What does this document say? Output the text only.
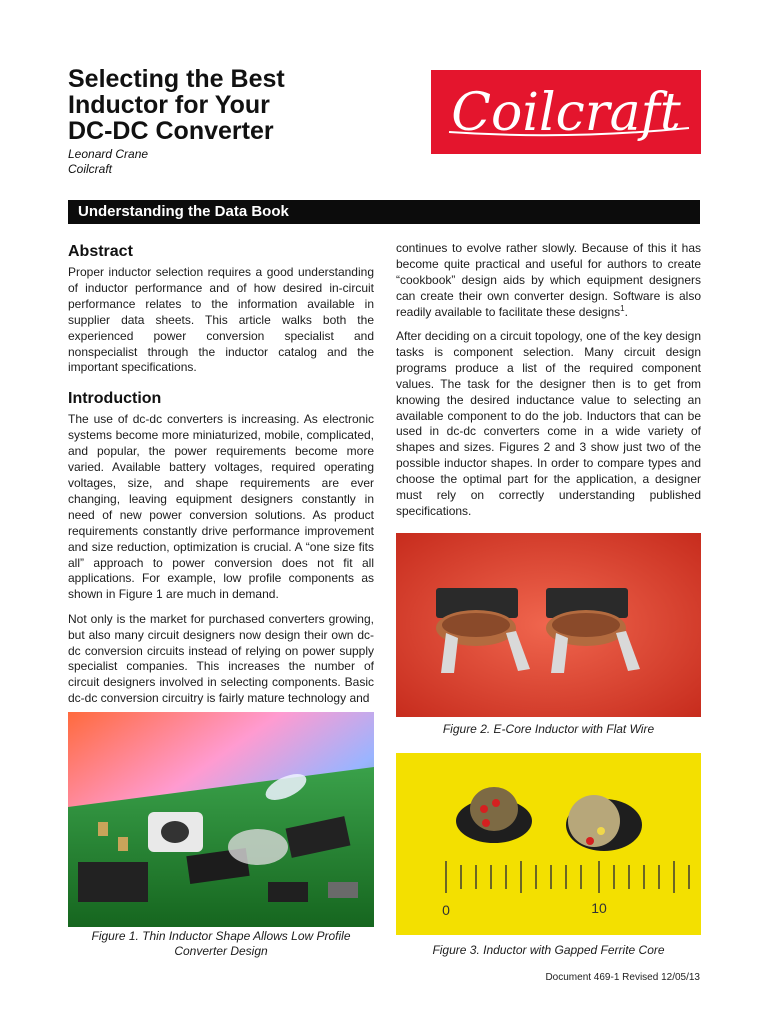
Selecting the Best
Inductor for Your
DC-DC Converter
Leonard Crane
Coilcraft
Coilcraft
Understanding the Data Book
Abstract

Proper inductor selection requires a good understanding of inductor performance and of how desired in-circuit performance relates to the information available in supplier data sheets. This article walks both the experienced power conversion specialist and nonspecialist through the inductor catalog and the important specifications.

Introduction

The use of dc-dc converters is increasing. As electronic systems become more miniaturized, mobile, complicated, and popular, the power requirements become more varied. Available battery voltages, required operating voltages, size, and shape requirements are ever changing, leaving equipment designers constantly in need of new power conversion solutions. As product requirements constantly drive performance improvement and size reduction, optimization is crucial. A “one size fits all” approach to power conversion does not fit all applications. For example, low profile components as shown in Figure 1 are much in demand.

Not only is the market for purchased converters growing, but also many circuit designers now design their own dc-dc conversion circuits instead of relying on power supply specialist companies. This increases the number of circuit designers involved in selecting components. Basic dc-dc conversion circuitry is fairly mature technology and

continues to evolve rather slowly. Because of this it has become quite practical and useful for authors to create “cookbook” design aids by which equipment designers can create their own converter design. Software is also readily available to facilitate these designs$^1$.

After deciding on a circuit topology, one of the key design tasks is component selection. Many circuit design programs produce a list of the required component values. The task for the designer then is to get from knowing the desired inductance value to selecting an available component to do the job. Inductors that can be used in dc-dc converters come in a wide variety of shapes and sizes. Figures 2 and 3 show just two of the possible inductor shapes. In order to compare types and choose the optimal part for the application, a designer must rely on correctly understanding published specifications.

0	10
Figure 1. Thin Inductor Shape Allows Low Profile Converter Design
Figure 2. E-Core Inductor with Flat Wire
Figure 3. Inductor with Gapped Ferrite Core
Document 469-1 Revised 12/05/13
